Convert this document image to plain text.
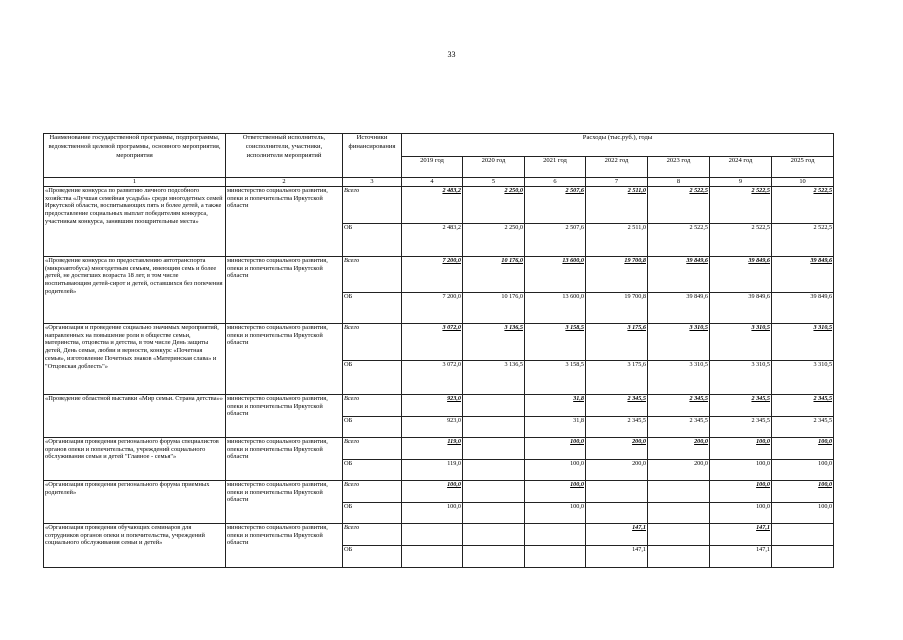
33
Наименование государственной программы, подпрограммы, ведомственной целевой программы, основного мероприятия, мероприятия	Ответственный исполнитель, соисполнители, участники, исполнители мероприятий	Источники финансирования	Расходы (тыс.руб.), годы						
			2019 год	2020 год	2021 год	2022 год	2023 год	2024 год	2025 год
1	2	3	4	5	6	7	8	9	10
«Проведение конкурса по развитию личного подсобного хозяйства «Лучшая семейная усадьба» среди многодетных семей Иркутской области, воспитывающих пять и более детей, а также предоставление социальных выплат победителям конкурса, участникам конкурса, занявшим поощрительные места»	министерство социального развития, опеки и попечительства Иркутской области	Всего	2 483,2	2 250,0	2 507,6	2 511,0	2 522,5	2 522,5	2 522,5
		ОБ	2 483,2	2 250,0	2 507,6	2 511,0	2 522,5	2 522,5	2 522,5
«Проведение конкурса по предоставлению автотранспорта (микроавтобуса) многодетным семьям, имеющим семь и более детей, не достигших возраста 18 лет, в том числе воспитывающим детей-сирот и детей, оставшихся без попечения родителей»	министерство социального развития, опеки и попечительства Иркутской области	Всего	7 200,0	10 176,0	13 600,0	19 700,8	39 849,6	39 849,6	39 849,6
		ОБ	7 200,0	10 176,0	13 600,0	19 700,8	39 849,6	39 849,6	39 849,6
«Организация и проведение социально значимых мероприятий, направленных на повышение роли в обществе семьи, материнства, отцовства и детства, в том числе День защиты детей, День семьи, любви и верности, конкурс «Почетная семья», изготовление Почетных знаков «Материнская слава» и "Отцовская доблесть"»	министерство социального развития, опеки и попечительства Иркутской области	Всего	3 072,0	3 136,5	3 158,5	3 175,6	3 310,5	3 310,5	3 310,5
		ОБ	3 072,0	3 136,5	3 158,5	3 175,6	3 310,5	3 310,5	3 310,5
«Проведение областной выставки «Мир семьи. Страна детства»»	министерство социального развития, опеки и попечительства Иркутской области	Всего	923,0		31,8	2 345,5	2 345,5	2 345,5	2 345,5
		ОБ	923,0		31,8	2 345,5	2 345,5	2 345,5	2 345,5
«Организация проведения регионального форума специалистов органов опеки и попечительства, учреждений социального обслуживания семьи и детей "Главное - семья"»	министерство социального развития, опеки и попечительства Иркутской области	Всего	119,0		100,0	200,0	200,0	100,0	100,0
		ОБ	119,0		100,0	200,0	200,0	100,0	100,0
«Организация проведения регионального форума приемных родителей»	министерство социального развития, опеки и попечительства Иркутской области	Всего	100,0		100,0			100,0	100,0
		ОБ	100,0		100,0			100,0	100,0
«Организация проведения обучающих семинаров для сотрудников органов опеки и попечительства, учреждений социального обслуживания семьи и детей»	министерство социального развития, опеки и попечительства Иркутской области	Всего				147,1		147,1	
		ОБ				147,1		147,1	
